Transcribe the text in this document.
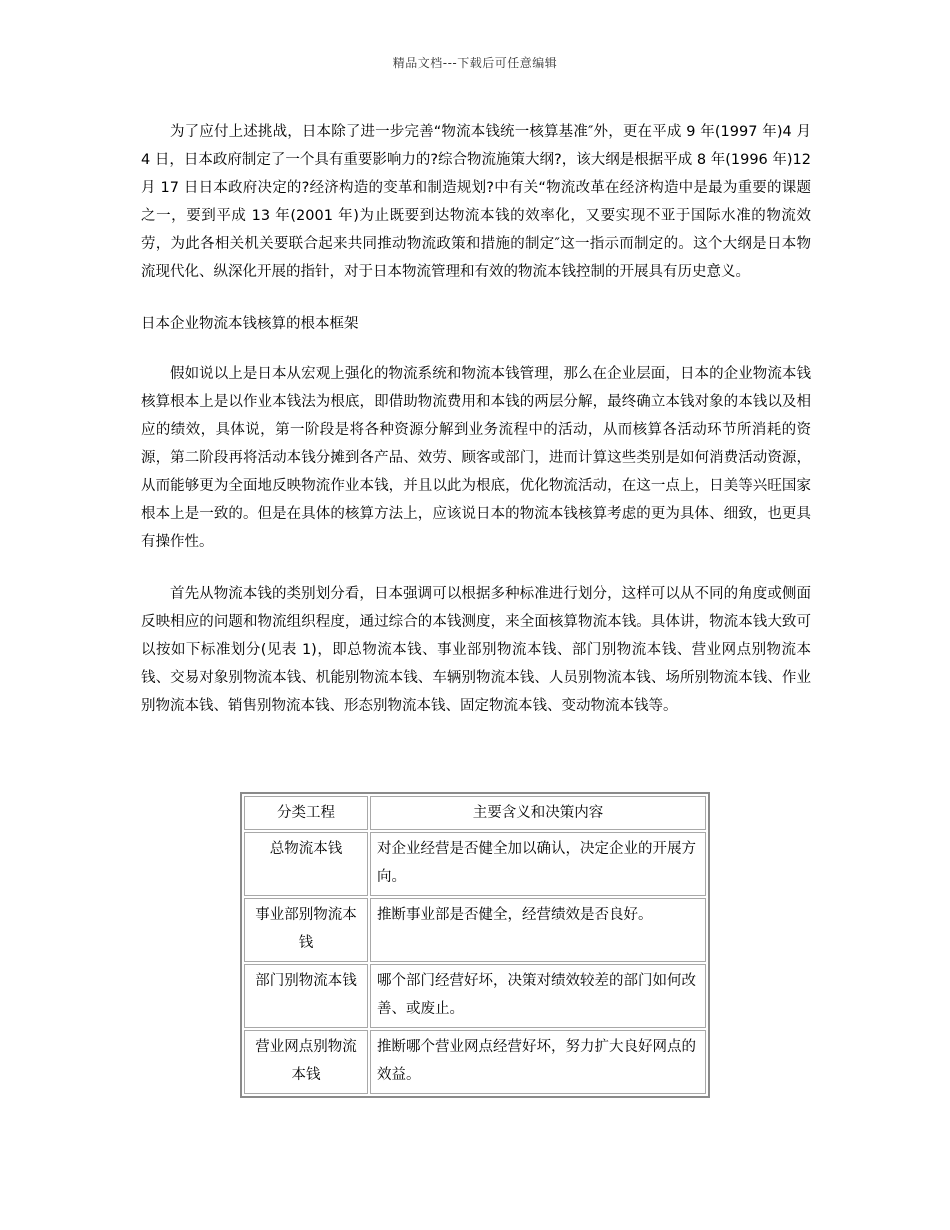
精品文档---下载后可任意编辑

为了应付上述挑战，日本除了进一步完善“物流本钱统一核算基准″外，更在平成 9 年(1997 年)4 月 4 日，日本政府制定了一个具有重要影响力的?综合物流施策大纲?，该大纲是根据平成 8 年(1996 年)12 月 17 日日本政府决定的?经济构造的变革和制造规划?中有关“物流改革在经济构造中是最为重要的课题之一，要到平成 13 年(2001 年)为止既要到达物流本钱的效率化，又要实现不亚于国际水准的物流效劳，为此各相关机关要联合起来共同推动物流政策和措施的制定″这一指示而制定的。这个大纲是日本物流现代化、纵深化开展的指针，对于日本物流管理和有效的物流本钱控制的开展具有历史意义。

日本企业物流本钱核算的根本框架

假如说以上是日本从宏观上强化的物流系统和物流本钱管理，那么在企业层面，日本的企业物流本钱核算根本上是以作业本钱法为根底，即借助物流费用和本钱的两层分解，最终确立本钱对象的本钱以及相应的绩效，具体说，第一阶段是将各种资源分解到业务流程中的活动，从而核算各活动环节所消耗的资源，第二阶段再将活动本钱分摊到各产品、效劳、顾客或部门，进而计算这些类别是如何消费活动资源，从而能够更为全面地反映物流作业本钱，并且以此为根底，优化物流活动，在这一点上，日美等兴旺国家根本上是一致的。但是在具体的核算方法上，应该说日本的物流本钱核算考虑的更为具体、细致，也更具有操作性。

首先从物流本钱的类别划分看，日本强调可以根据多种标准进行划分，这样可以从不同的角度或侧面反映相应的问题和物流组织程度，通过综合的本钱测度，来全面核算物流本钱。具体讲，物流本钱大致可以按如下标准划分(见表 1)，即总物流本钱、事业部别物流本钱、部门别物流本钱、营业网点别物流本钱、交易对象别物流本钱、机能别物流本钱、车辆别物流本钱、人员别物流本钱、场所别物流本钱、作业别物流本钱、销售别物流本钱、形态别物流本钱、固定物流本钱、变动物流本钱等。

分类工程	主要含义和决策内容
总物流本钱	对企业经营是否健全加以确认，决定企业的开展方向。
事业部别物流本钱	推断事业部是否健全，经营绩效是否良好。
部门别物流本钱	哪个部门经营好坏，决策对绩效较差的部门如何改善、或废止。
营业网点别物流本钱	推断哪个营业网点经营好坏，努力扩大良好网点的效益。
